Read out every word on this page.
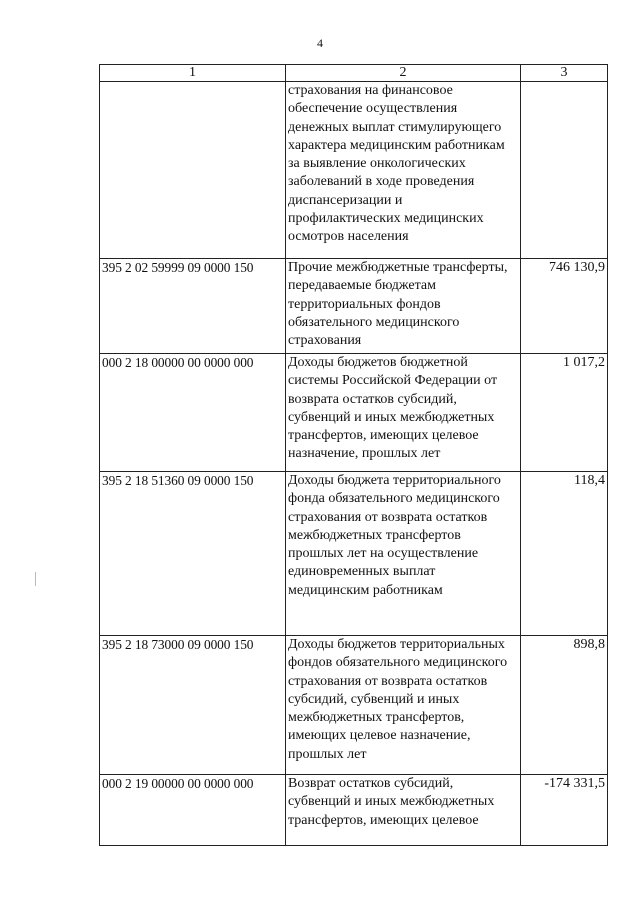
4
1	2	3
	страхования на финансовое обеспечение осуществления денежных выплат стимулирующего характера медицинским работникам за выявление онкологических заболеваний в ходе проведения диспансеризации и профилактических медицинских осмотров населения	
395 2 02 59999 09 0000 150	Прочие межбюджетные трансферты, передаваемые бюджетам территориальных фондов обязательного медицинского страхования	746 130,9
000 2 18 00000 00 0000 000	Доходы бюджетов бюджетной системы Российской Федерации от возврата остатков субсидий, субвенций и иных межбюджетных трансфертов, имеющих целевое назначение, прошлых лет	1 017,2
395 2 18 51360 09 0000 150	Доходы бюджета территориального фонда обязательного медицинского страхования от возврата остатков межбюджетных трансфертов прошлых лет на осуществление единовременных выплат медицинским работникам	118,4
395 2 18 73000 09 0000 150	Доходы бюджетов территориальных фондов обязательного медицинского страхования от возврата остатков субсидий, субвенций и иных межбюджетных трансфертов, имеющих целевое назначение, прошлых лет	898,8
000 2 19 00000 00 0000 000	Возврат остатков субсидий, субвенций и иных межбюджетных трансфертов, имеющих целевое	-174 331,5
